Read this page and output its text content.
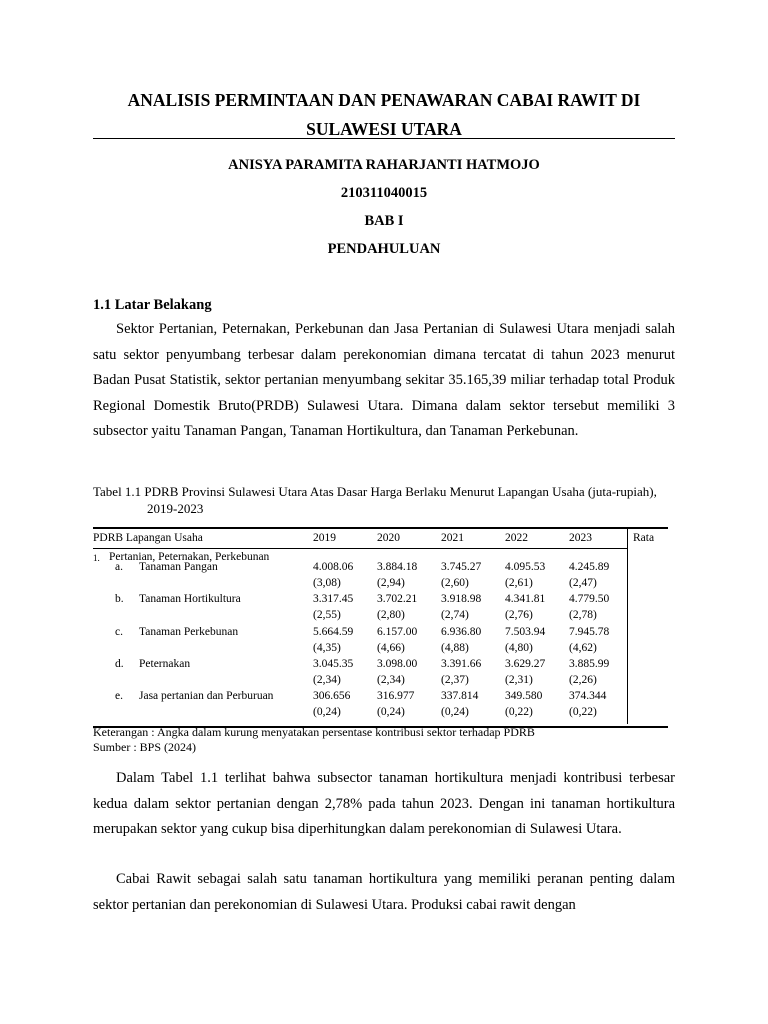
ANALISIS PERMINTAAN DAN PENAWARAN CABAI RAWIT DI SULAWESI UTARA
ANISYA PARAMITA RAHARJANTI HATMOJO
210311040015
BAB I
PENDAHULUAN
1.1 Latar Belakang
Sektor Pertanian, Peternakan, Perkebunan dan Jasa Pertanian di Sulawesi Utara menjadi salah satu sektor penyumbang terbesar dalam perekonomian dimana tercatat di tahun 2023 menurut Badan Pusat Statistik, sektor pertanian menyumbang sekitar 35.165,39 miliar terhadap total Produk Regional Domestik Bruto(PRDB) Sulawesi Utara. Dimana dalam sektor tersebut memiliki 3 subsector yaitu Tanaman Pangan, Tanaman Hortikultura, dan Tanaman Perkebunan.
Tabel 1.1 PDRB Provinsi Sulawesi Utara Atas Dasar Harga Berlaku Menurut Lapangan Usaha (juta-rupiah), 2019-2023
PDRB Lapangan Usaha	2019	2020	2021	2022	2023	Rata
1. Pertanian, Peternakan, Perkebunan
a. Tanaman Pangan	4.008.06 3.884.18 3.745.27 4.095.53 4.245.89
(3,08)	(2,94)	(2,60)	(2,61)	(2,47)
b. Tanaman Hortikultura	3.317.45 3.702.21 3.918.98 4.341.81 4.779.50
(2,55)	(2,80)	(2,74)	(2,76)	(2,78)
c. Tanaman Perkebunan	5.664.59 6.157.00 6.936.80 7.503.94 7.945.78
(4,35)	(4,66)	(4,88)	(4,80)	(4,62)
d. Peternakan	3.045.35 3.098.00 3.391.66 3.629.27 3.885.99
(2,34)	(2,34)	(2,37)	(2,31)	(2,26)
e. Jasa pertanian dan Perburuan	306.656 316.977 337.814 349.580 374.344
(0,24)	(0,24)	(0,24)	(0,22)	(0,22)
Keterangan : Angka dalam kurung menyatakan persentase kontribusi sektor terhadap PDRB
Sumber : BPS (2024)
Dalam Tabel 1.1 terlihat bahwa subsector tanaman hortikultura menjadi kontribusi terbesar kedua dalam sektor pertanian dengan 2,78% pada tahun 2023. Dengan ini tanaman hortikultura merupakan sektor yang cukup bisa diperhitungkan dalam perekonomian di Sulawesi Utara.
Cabai Rawit sebagai salah satu tanaman hortikultura yang memiliki peranan penting dalam sektor pertanian dan perekonomian di Sulawesi Utara. Produksi cabai rawit dengan
